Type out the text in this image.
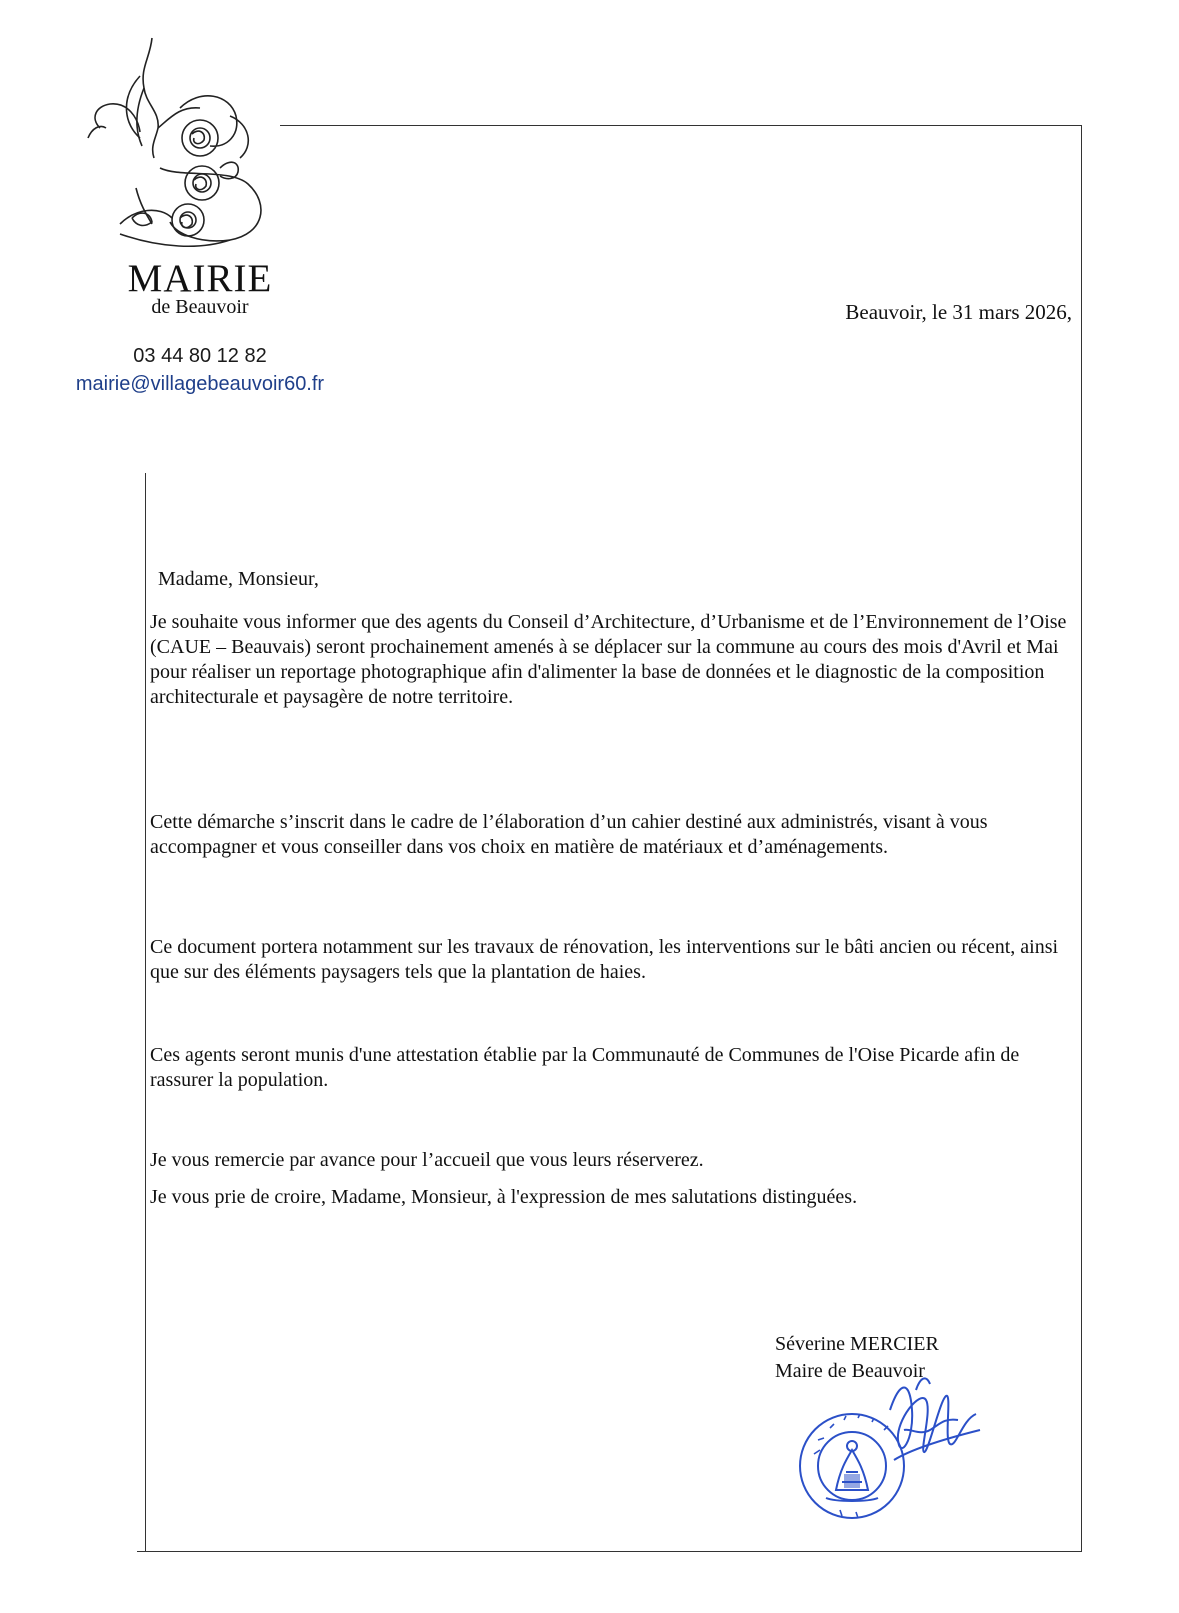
MAIRIE
de Beauvoir
03 44 80 12 82
mairie@villagebeauvoir60.fr
Beauvoir, le 31 mars 2026,
Madame, Monsieur,
Je souhaite vous informer que des agents du Conseil d’Architecture, d’Urbanisme et de l’Environnement de l’Oise (CAUE – Beauvais) seront prochainement amenés à se déplacer sur la commune au cours des mois d'Avril et Mai pour réaliser un reportage photographique afin d'alimenter la base de données et le diagnostic de la composition architecturale et paysagère de notre territoire.
Cette démarche s’inscrit dans le cadre de l’élaboration d’un cahier destiné aux administrés, visant à vous accompagner et vous conseiller dans vos choix en matière de matériaux et d’aménagements.
Ce document portera notamment sur les travaux de rénovation, les interventions sur le bâti ancien ou récent, ainsi que sur des éléments paysagers tels que la plantation de haies.
Ces agents seront munis d'une attestation établie par la Communauté de Communes de l'Oise Picarde afin de rassurer la population.
Je vous remercie par avance pour l’accueil que vous leurs réserverez.
Je vous prie de croire, Madame, Monsieur, à l'expression de mes salutations distinguées.
Séverine MERCIER
Maire de Beauvoir
